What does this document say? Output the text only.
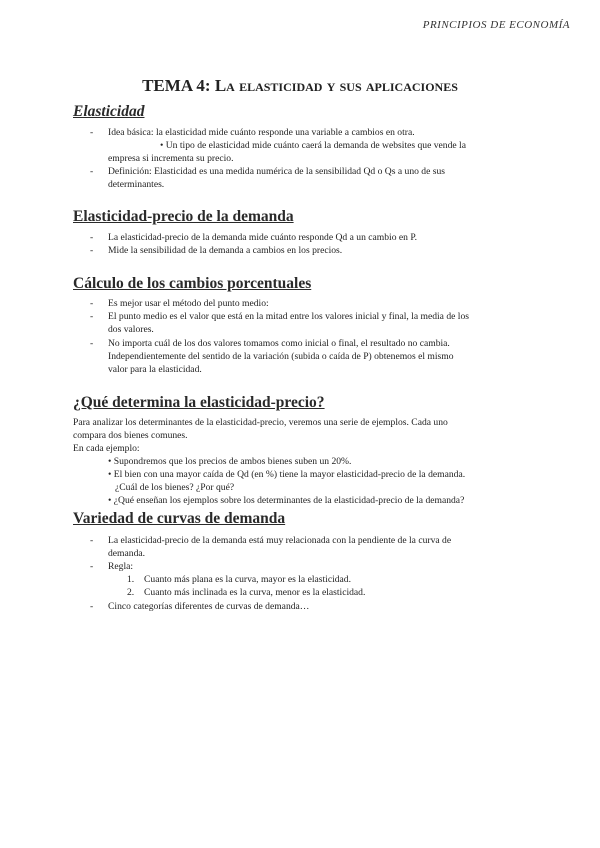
PRINCIPIOS DE ECONOMÍA
TEMA 4: La elasticidad y sus aplicaciones
Elasticidad
- Idea básica: la elasticidad mide cuánto responde una variable a cambios en otra.
• Un tipo de elasticidad mide cuánto caerá la demanda de websites que vende la
empresa si incrementa su precio.
- Definición: Elasticidad es una medida numérica de la sensibilidad Qd o Qs a uno de sus
determinantes.
Elasticidad-precio de la demanda
- La elasticidad-precio de la demanda mide cuánto responde Qd a un cambio en P.
- Mide la sensibilidad de la demanda a cambios en los precios.
Cálculo de los cambios porcentuales
- Es mejor usar el método del punto medio:
- El punto medio es el valor que está en la mitad entre los valores inicial y final, la media de los
dos valores.
- No importa cuál de los dos valores tomamos como inicial o final, el resultado no cambia.
Independientemente del sentido de la variación (subida o caída de P) obtenemos el mismo
valor para la elasticidad.
¿Qué determina la elasticidad-precio?
Para analizar los determinantes de la elasticidad-precio, veremos una serie de ejemplos. Cada uno
compara dos bienes comunes.
En cada ejemplo:
• Supondremos que los precios de ambos bienes suben un 20%.
• El bien con una mayor caída de Qd (en %) tiene la mayor elasticidad-precio de la demanda.
¿Cuál de los bienes? ¿Por qué?
• ¿Qué enseñan los ejemplos sobre los determinantes de la elasticidad-precio de la demanda?
Variedad de curvas de demanda
- La elasticidad-precio de la demanda está muy relacionada con la pendiente de la curva de
demanda.
- Regla:
1. Cuanto más plana es la curva, mayor es la elasticidad.
2. Cuanto más inclinada es la curva, menor es la elasticidad.
- Cinco categorías diferentes de curvas de demanda…
